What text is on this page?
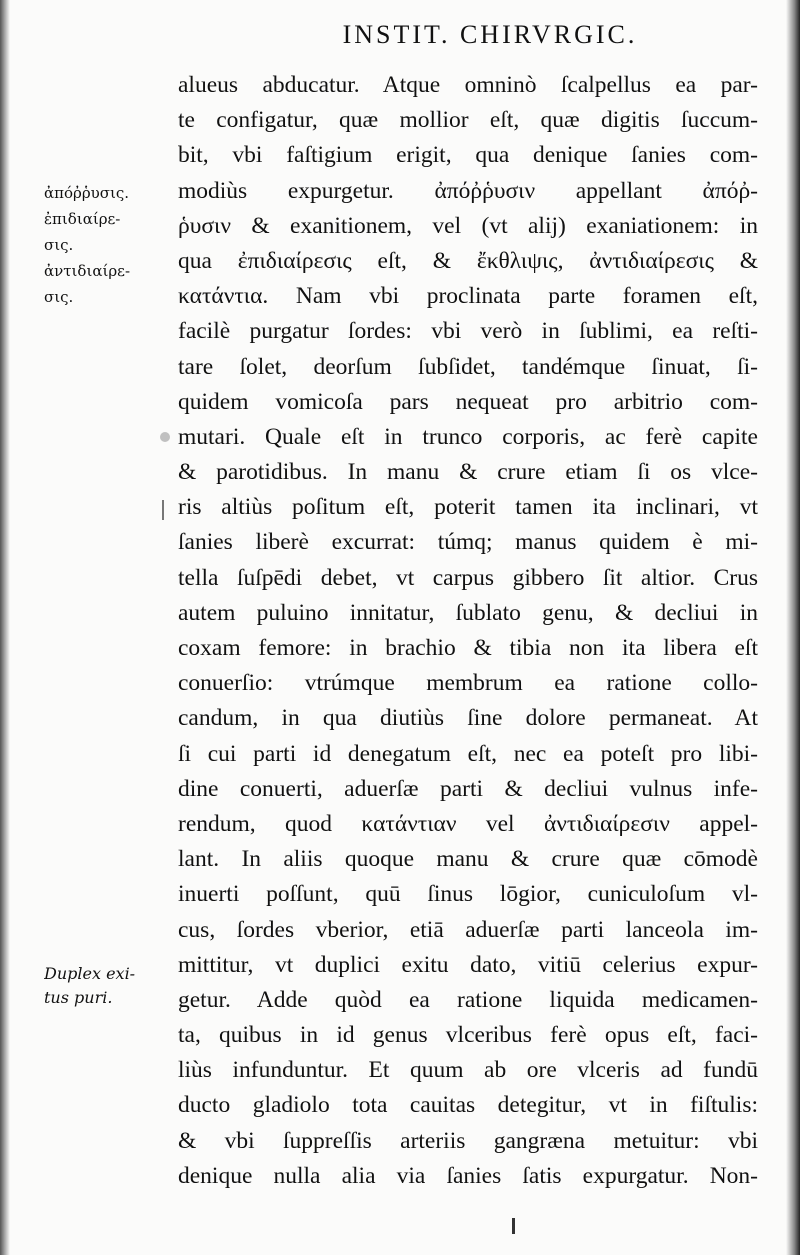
INSTIT. CHIRVRGIC.
ἀπόῤῥυσις.
ἐπιδιαίρε-
σις.
ἀντιδιαίρε-
σις.
Duplex exi-
tus puri.
alueus abducatur. Atque omninò ſcalpellus ea par-
te configatur, quæ mollior eſt, quæ digitis ſuccum-
bit, vbi faſtigium erigit, qua denique ſanies com-
modiùs expurgetur. ἀπόῤῥυσιν appellant ἀπόῤ-
ῥυσιν & exanitionem, vel (vt alij) exaniationem: in
qua ἐπιδιαίρεσις eſt, & ἔκθλιψις, ἀντιδιαίρεσις &
κατάντια. Nam vbi proclinata parte foramen eſt,
facilè purgatur ſordes: vbi verò in ſublimi, ea reſti-
tare ſolet, deorſum ſubſidet, tandémque ſinuat, ſi-
quidem vomicoſa pars nequeat pro arbitrio com-
mutari. Quale eſt in trunco corporis, ac ferè capite
& parotidibus. In manu & crure etiam ſi os vlce-
ris altiùs poſitum eſt, poterit tamen ita inclinari, vt
ſanies liberè excurrat: túmq; manus quidem è mi-
tella ſuſpēdi debet, vt carpus gibbero ſit altior. Crus
autem puluino innitatur, ſublato genu, & decliui in
coxam femore: in brachio & tibia non ita libera eſt
conuerſio: vtrúmque membrum ea ratione collo-
candum, in qua diutiùs ſine dolore permaneat. At
ſi cui parti id denegatum eſt, nec ea poteſt pro libi-
dine conuerti, aduerſæ parti & decliui vulnus infe-
rendum, quod κατάντιαν vel ἀντιδιαίρεσιν appel-
lant. In aliis quoque manu & crure quæ cōmodè
inuerti poſſunt, quū ſinus lōgior, cuniculoſum vl-
cus, ſordes vberior, etiā aduerſæ parti lanceola im-
mittitur, vt duplici exitu dato, vitiū celerius expur-
getur. Adde quòd ea ratione liquida medicamen-
ta, quibus in id genus vlceribus ferè opus eſt, faci-
liùs infunduntur. Et quum ab ore vlceris ad fundū
ducto gladiolo tota cauitas detegitur, vt in fiſtulis:
& vbi ſuppreſſis arteriis gangræna metuitur: vbi
denique nulla alia via ſanies ſatis expurgatur. Non-
